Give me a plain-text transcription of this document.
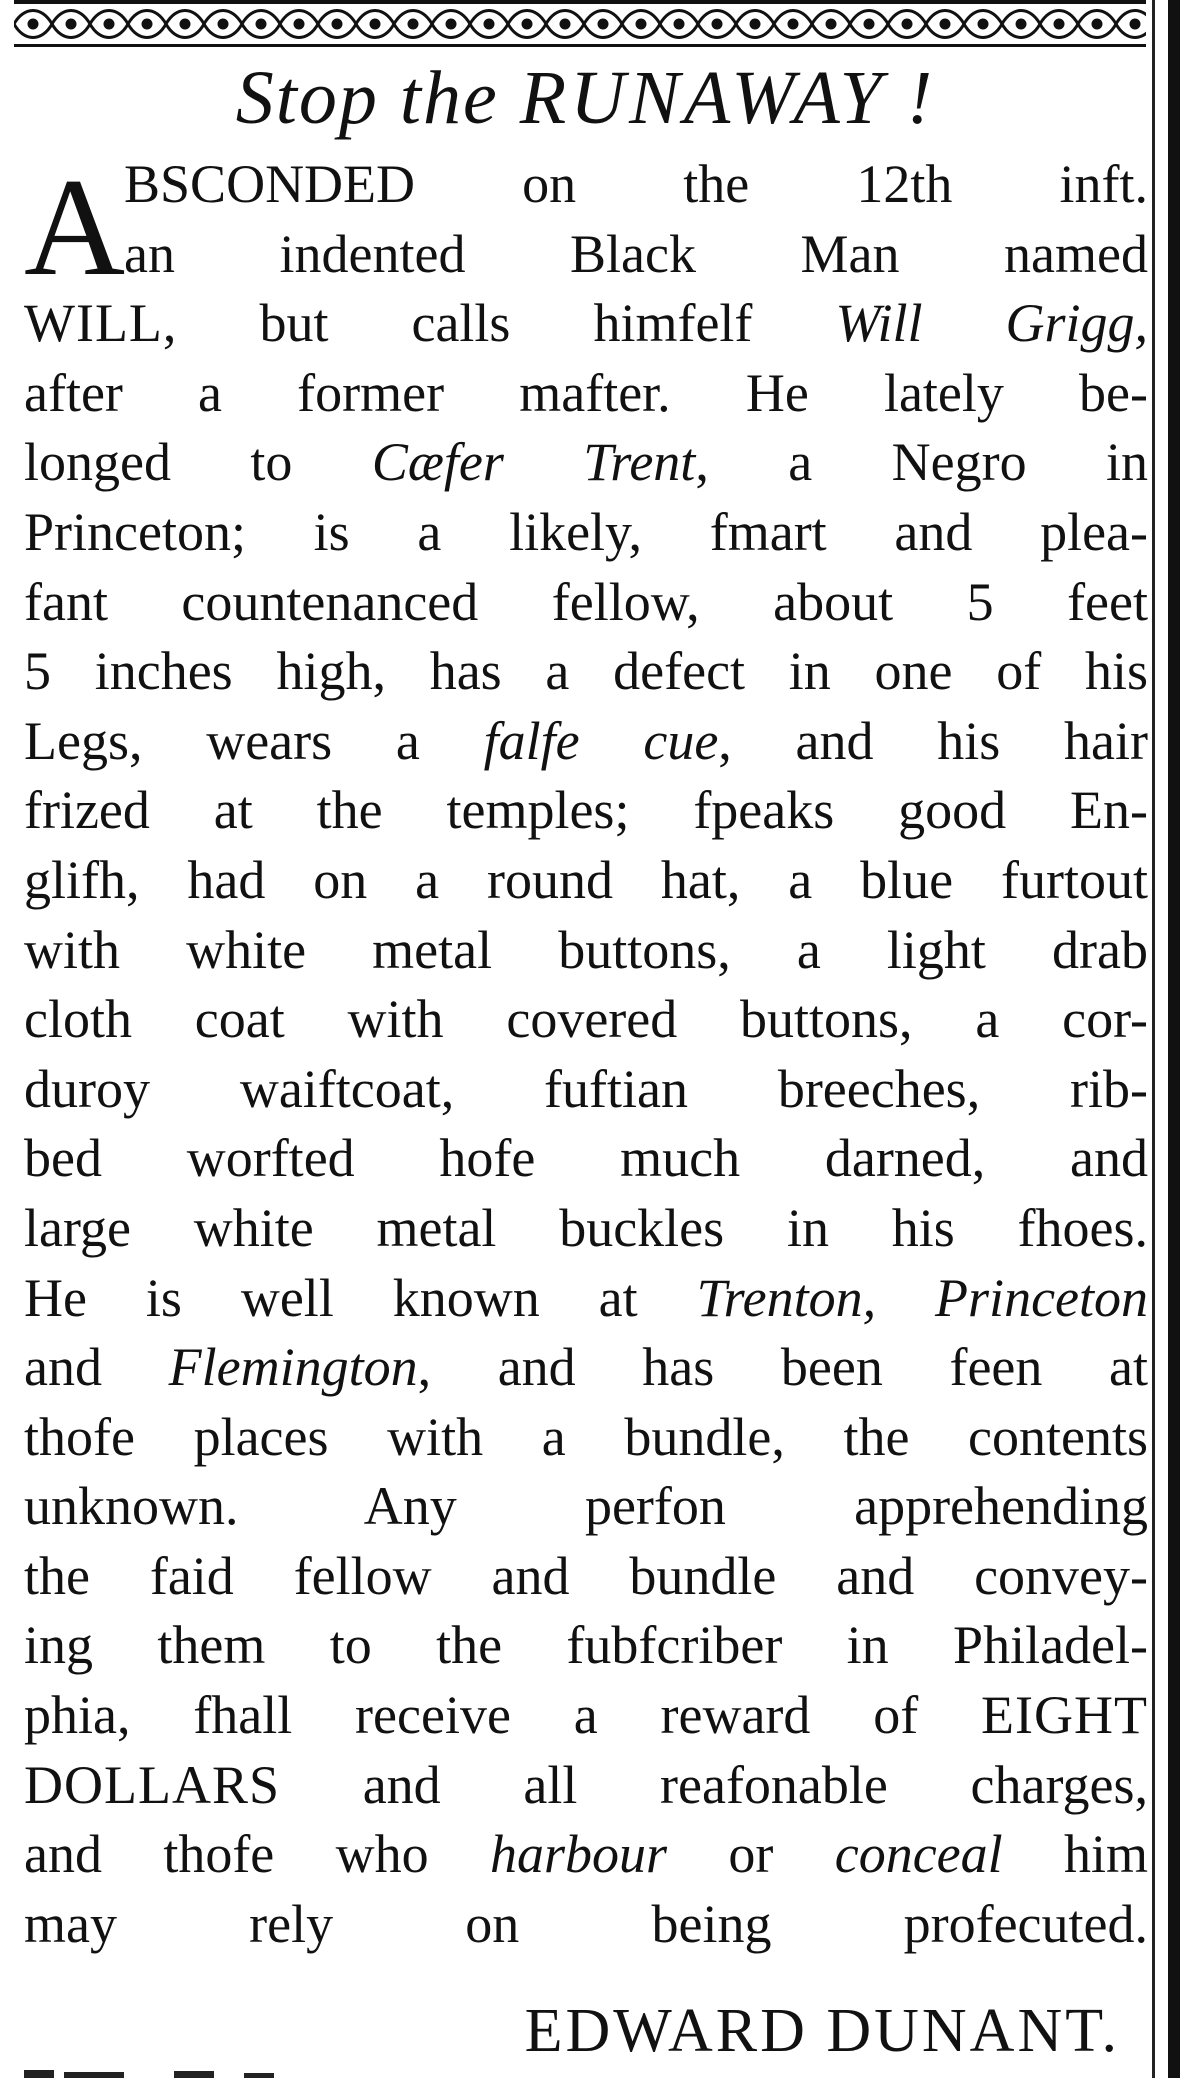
Stop the RUNAWAY !
A
BSCONDED on the 12th inft.
an indented Black Man named
WILL, but calls himfelf Will Grigg,
after a former mafter. He lately be-
longed to Cæfer Trent, a Negro in
Princeton; is a likely, fmart and plea-
fant countenanced fellow, about 5 feet
5 inches high, has a defect in one of his
Legs, wears a falfe cue, and his hair
frized at the temples; fpeaks good En-
glifh, had on a round hat, a blue furtout
with white metal buttons, a light drab
cloth coat with covered buttons, a cor-
duroy waiftcoat, fuftian breeches, rib-
bed worfted hofe much darned, and
large white metal buckles in his fhoes.
He is well known at Trenton, Princeton
and Flemington, and has been feen at
thofe places with a bundle, the contents
unknown. Any perfon apprehending
the faid fellow and bundle and convey-
ing them to the fubfcriber in Philadel-
phia, fhall receive a reward of EIGHT
DOLLARS and all reafonable charges,
and thofe who harbour or conceal him
may rely on being profecuted.
EDWARD DUNANT.
